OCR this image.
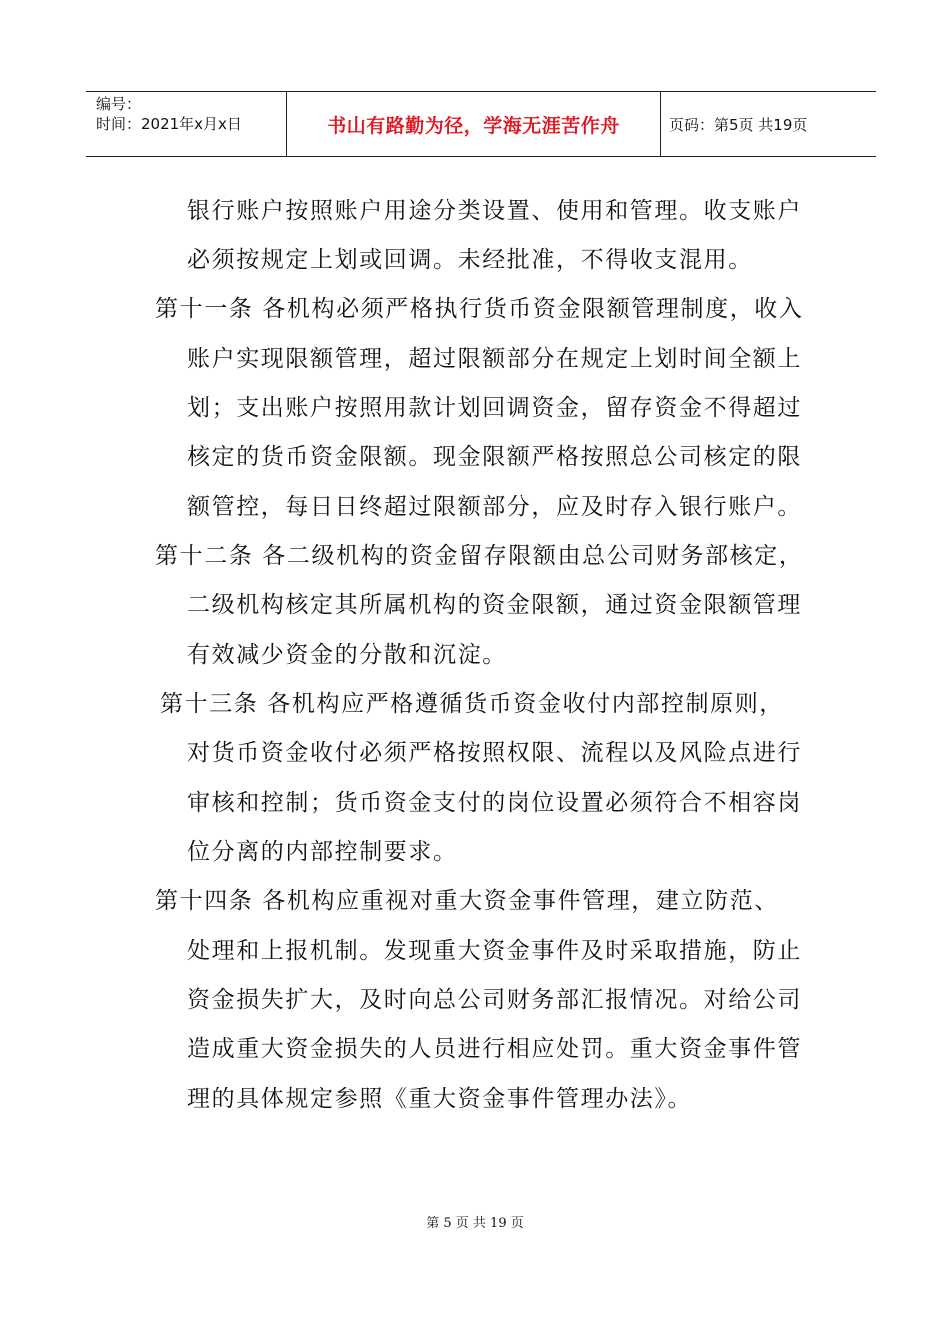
编号：
时间：2021年x月x日	书山有路勤为径，学海无涯苦作舟	页码：第5页 共19页
银行账户按照账户用途分类设置、使用和管理。收支账户
必须按规定上划或回调。未经批准，不得收支混用。
第十一条 各机构必须严格执行货币资金限额管理制度，收入
账户实现限额管理，超过限额部分在规定上划时间全额上
划；支出账户按照用款计划回调资金，留存资金不得超过
核定的货币资金限额。现金限额严格按照总公司核定的限
额管控，每日日终超过限额部分，应及时存入银行账户。
第十二条 各二级机构的资金留存限额由总公司财务部核定，
二级机构核定其所属机构的资金限额，通过资金限额管理
有效减少资金的分散和沉淀。
第十三条 各机构应严格遵循货币资金收付内部控制原则，
对货币资金收付必须严格按照权限、流程以及风险点进行
审核和控制；货币资金支付的岗位设置必须符合不相容岗
位分离的内部控制要求。
第十四条 各机构应重视对重大资金事件管理，建立防范、
处理和上报机制。发现重大资金事件及时采取措施，防止
资金损失扩大，及时向总公司财务部汇报情况。对给公司
造成重大资金损失的人员进行相应处罚。重大资金事件管
理的具体规定参照《重大资金事件管理办法》。
第 5 页 共 19 页
